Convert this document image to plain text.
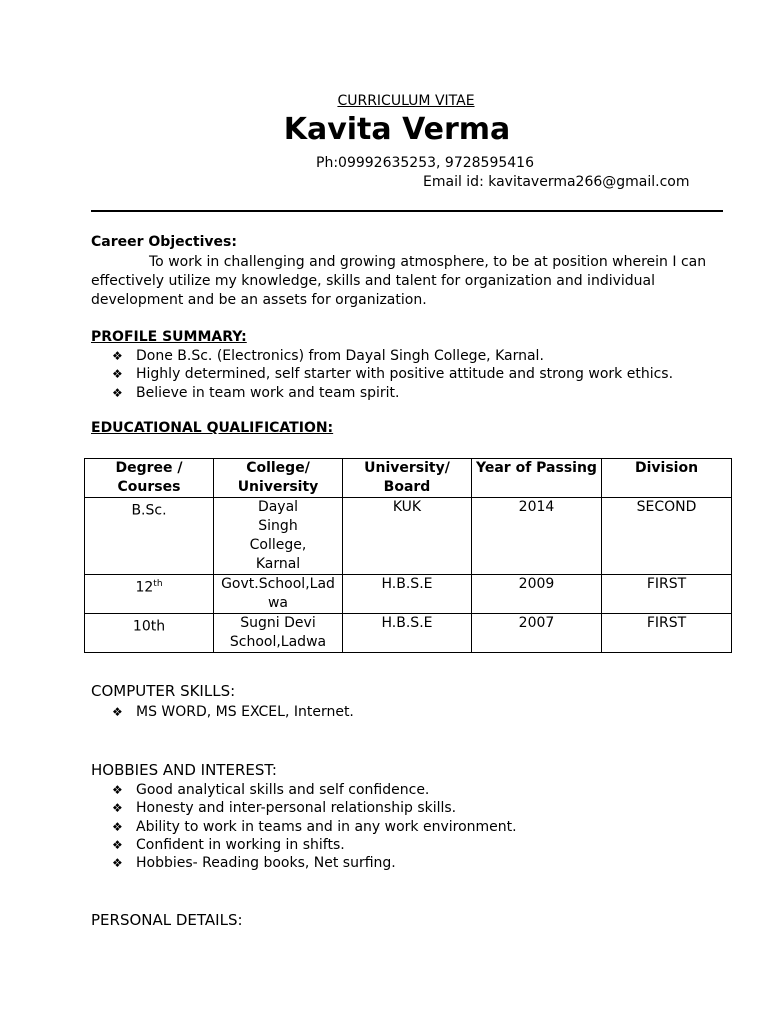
CURRICULUM VITAE
Kavita Verma
Ph:09992635253, 9728595416
Email id: kavitaverma266@gmail.com
Career Objectives:
To work in challenging and growing atmosphere, to be at position wherein I can effectively utilize my knowledge, skills and talent for organization and individual development and be an assets for organization.
PROFILE SUMMARY:
❖ Done B.Sc. (Electronics) from Dayal Singh College, Karnal.
❖ Highly determined, self starter with positive attitude and strong work ethics.
❖ Believe in team work and team spirit.
EDUCATIONAL QUALIFICATION:
Degree / Courses	College/ University	University/ Board	Year of Passing	Division
B.Sc.	Dayal Singh College, Karnal	KUK	2014	SECOND
12th	Govt.School,Ladwa	H.B.S.E	2009	FIRST
10th	Sugni Devi School,Ladwa	H.B.S.E	2007	FIRST
COMPUTER SKILLS:
❖ MS WORD, MS EXCEL, Internet.
HOBBIES AND INTEREST:
❖ Good analytical skills and self confidence.
❖ Honesty and inter-personal relationship skills.
❖ Ability to work in teams and in any work environment.
❖ Confident in working in shifts.
❖ Hobbies- Reading books, Net surfing.
PERSONAL DETAILS:
